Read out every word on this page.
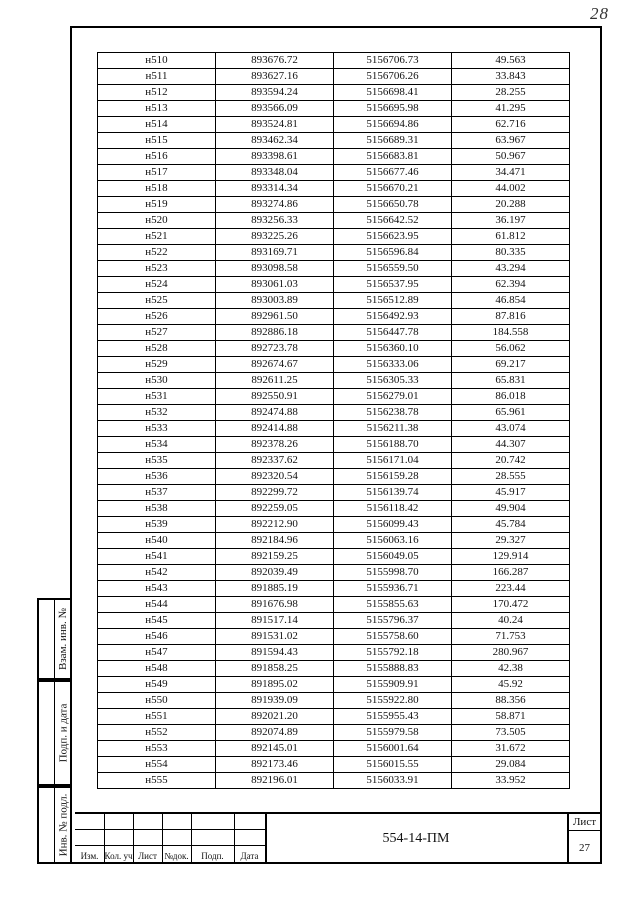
28
н510	893676.72	5156706.73	49.563
н511	893627.16	5156706.26	33.843
н512	893594.24	5156698.41	28.255
н513	893566.09	5156695.98	41.295
н514	893524.81	5156694.86	62.716
н515	893462.34	5156689.31	63.967
н516	893398.61	5156683.81	50.967
н517	893348.04	5156677.46	34.471
н518	893314.34	5156670.21	44.002
н519	893274.86	5156650.78	20.288
н520	893256.33	5156642.52	36.197
н521	893225.26	5156623.95	61.812
н522	893169.71	5156596.84	80.335
н523	893098.58	5156559.50	43.294
н524	893061.03	5156537.95	62.394
н525	893003.89	5156512.89	46.854
н526	892961.50	5156492.93	87.816
н527	892886.18	5156447.78	184.558
н528	892723.78	5156360.10	56.062
н529	892674.67	5156333.06	69.217
н530	892611.25	5156305.33	65.831
н531	892550.91	5156279.01	86.018
н532	892474.88	5156238.78	65.961
н533	892414.88	5156211.38	43.074
н534	892378.26	5156188.70	44.307
н535	892337.62	5156171.04	20.742
н536	892320.54	5156159.28	28.555
н537	892299.72	5156139.74	45.917
н538	892259.05	5156118.42	49.904
н539	892212.90	5156099.43	45.784
н540	892184.96	5156063.16	29.327
н541	892159.25	5156049.05	129.914
н542	892039.49	5155998.70	166.287
н543	891885.19	5155936.71	223.44
н544	891676.98	5155855.63	170.472
н545	891517.14	5155796.37	40.24
н546	891531.02	5155758.60	71.753
н547	891594.43	5155792.18	280.967
н548	891858.25	5155888.83	42.38
н549	891895.02	5155909.91	45.92
н550	891939.09	5155922.80	88.356
н551	892021.20	5155955.43	58.871
н552	892074.89	5155979.58	73.505
н553	892145.01	5156001.64	31.672
н554	892173.46	5156015.55	29.084
н555	892196.01	5156033.91	33.952
Взам. инв. №
Подп. и дата
Инв. № подл.	Изм. Кол. уч Лист №док.	Подп.	Дата
554-14-ПМ
Лист
27
